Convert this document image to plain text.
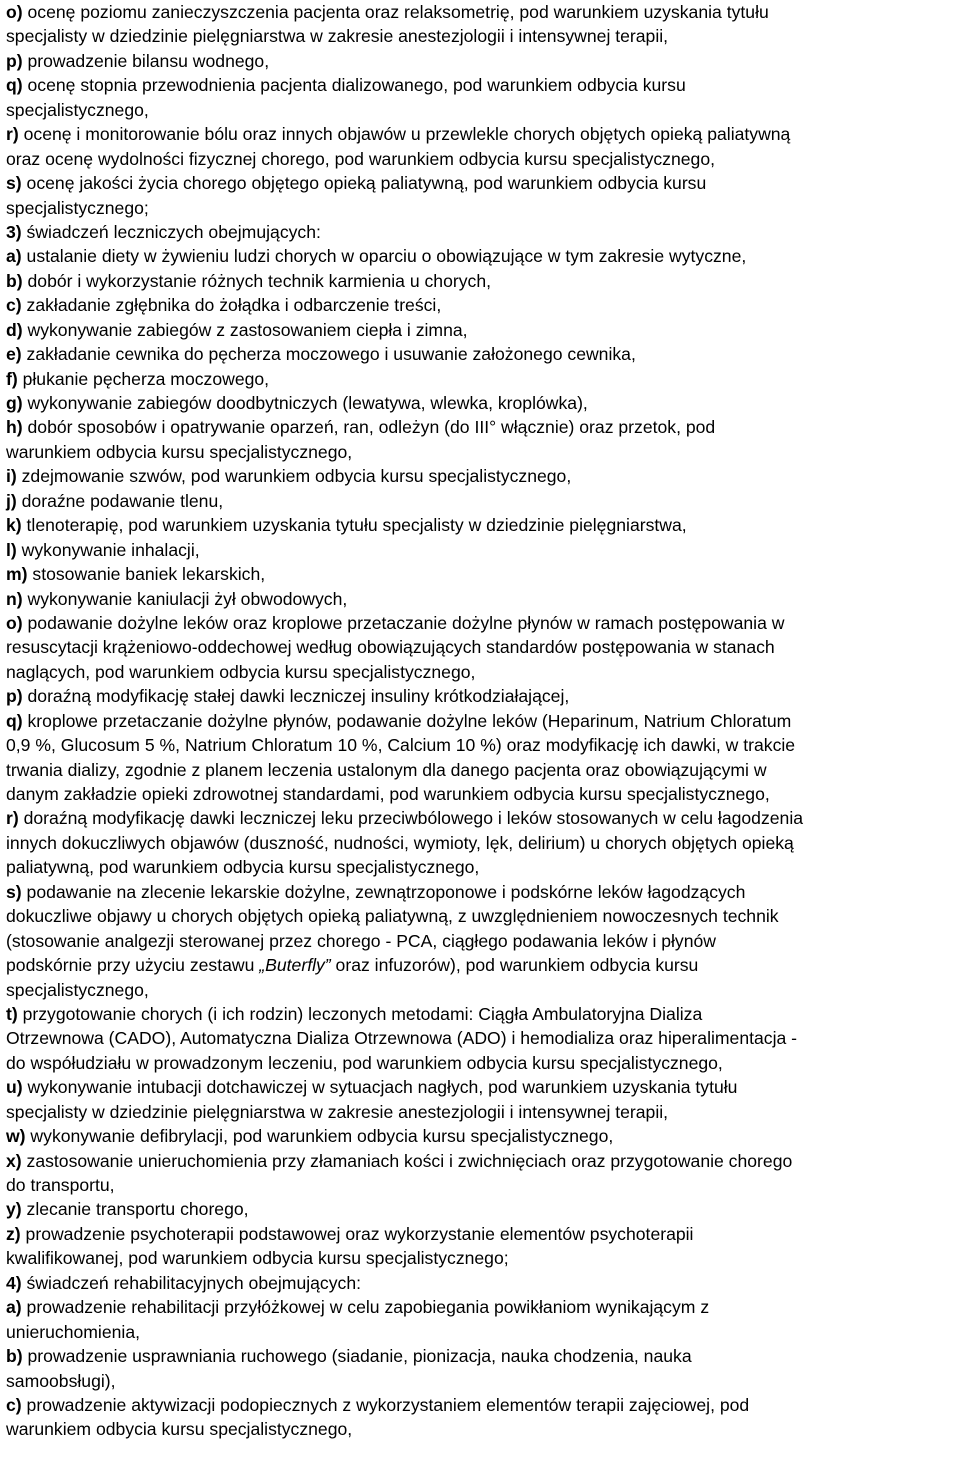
o) ocenę poziomu zanieczyszczenia pacjenta oraz relaksometrię, pod warunkiem uzyskania tytułu
specjalisty w dziedzinie pielęgniarstwa w zakresie anestezjologii i intensywnej terapii,
p) prowadzenie bilansu wodnego,
q) ocenę stopnia przewodnienia pacjenta dializowanego, pod warunkiem odbycia kursu
specjalistycznego,
r) ocenę i monitorowanie bólu oraz innych objawów u przewlekle chorych objętych opieką paliatywną
oraz ocenę wydolności fizycznej chorego, pod warunkiem odbycia kursu specjalistycznego,
s) ocenę jakości życia chorego objętego opieką paliatywną, pod warunkiem odbycia kursu
specjalistycznego;
3) świadczeń leczniczych obejmujących:
a) ustalanie diety w żywieniu ludzi chorych w oparciu o obowiązujące w tym zakresie wytyczne,
b) dobór i wykorzystanie różnych technik karmienia u chorych,
c) zakładanie zgłębnika do żołądka i odbarczenie treści,
d) wykonywanie zabiegów z zastosowaniem ciepła i zimna,
e) zakładanie cewnika do pęcherza moczowego i usuwanie założonego cewnika,
f) płukanie pęcherza moczowego,
g) wykonywanie zabiegów doodbytniczych (lewatywa, wlewka, kroplówka),
h) dobór sposobów i opatrywanie oparzeń, ran, odleżyn (do III° włącznie) oraz przetok, pod
warunkiem odbycia kursu specjalistycznego,
i) zdejmowanie szwów, pod warunkiem odbycia kursu specjalistycznego,
j) doraźne podawanie tlenu,
k) tlenoterapię, pod warunkiem uzyskania tytułu specjalisty w dziedzinie pielęgniarstwa,
l) wykonywanie inhalacji,
m) stosowanie baniek lekarskich,
n) wykonywanie kaniulacji żył obwodowych,
o) podawanie dożylne leków oraz kroplowe przetaczanie dożylne płynów w ramach postępowania w
resuscytacji krążeniowo-oddechowej według obowiązujących standardów postępowania w stanach
naglących, pod warunkiem odbycia kursu specjalistycznego,
p) doraźną modyfikację stałej dawki leczniczej insuliny krótkodziałającej,
q) kroplowe przetaczanie dożylne płynów, podawanie dożylne leków (Heparinum, Natrium Chloratum
0,9 %, Glucosum 5 %, Natrium Chloratum 10 %, Calcium 10 %) oraz modyfikację ich dawki, w trakcie
trwania dializy, zgodnie z planem leczenia ustalonym dla danego pacjenta oraz obowiązującymi w
danym zakładzie opieki zdrowotnej standardami, pod warunkiem odbycia kursu specjalistycznego,
r) doraźną modyfikację dawki leczniczej leku przeciwbólowego i leków stosowanych w celu łagodzenia
innych dokuczliwych objawów (duszność, nudności, wymioty, lęk, delirium) u chorych objętych opieką
paliatywną, pod warunkiem odbycia kursu specjalistycznego,
s) podawanie na zlecenie lekarskie dożylne, zewnątrzoponowe i podskórne leków łagodzących
dokuczliwe objawy u chorych objętych opieką paliatywną, z uwzględnieniem nowoczesnych technik
(stosowanie analgezji sterowanej przez chorego - PCA, ciągłego podawania leków i płynów
podskórnie przy użyciu zestawu „Buterfly” oraz infuzorów), pod warunkiem odbycia kursu
specjalistycznego,
t) przygotowanie chorych (i ich rodzin) leczonych metodami: Ciągła Ambulatoryjna Dializa
Otrzewnowa (CADO), Automatyczna Dializa Otrzewnowa (ADO) i hemodializa oraz hiperalimentacja -
do współudziału w prowadzonym leczeniu, pod warunkiem odbycia kursu specjalistycznego,
u) wykonywanie intubacji dotchawiczej w sytuacjach nagłych, pod warunkiem uzyskania tytułu
specjalisty w dziedzinie pielęgniarstwa w zakresie anestezjologii i intensywnej terapii,
w) wykonywanie defibrylacji, pod warunkiem odbycia kursu specjalistycznego,
x) zastosowanie unieruchomienia przy złamaniach kości i zwichnięciach oraz przygotowanie chorego
do transportu,
y) zlecanie transportu chorego,
z) prowadzenie psychoterapii podstawowej oraz wykorzystanie elementów psychoterapii
kwalifikowanej, pod warunkiem odbycia kursu specjalistycznego;
4) świadczeń rehabilitacyjnych obejmujących:
a) prowadzenie rehabilitacji przyłóżkowej w celu zapobiegania powikłaniom wynikającym z
unieruchomienia,
b) prowadzenie usprawniania ruchowego (siadanie, pionizacja, nauka chodzenia, nauka
samoobsługi),
c) prowadzenie aktywizacji podopiecznych z wykorzystaniem elementów terapii zajęciowej, pod
warunkiem odbycia kursu specjalistycznego,
